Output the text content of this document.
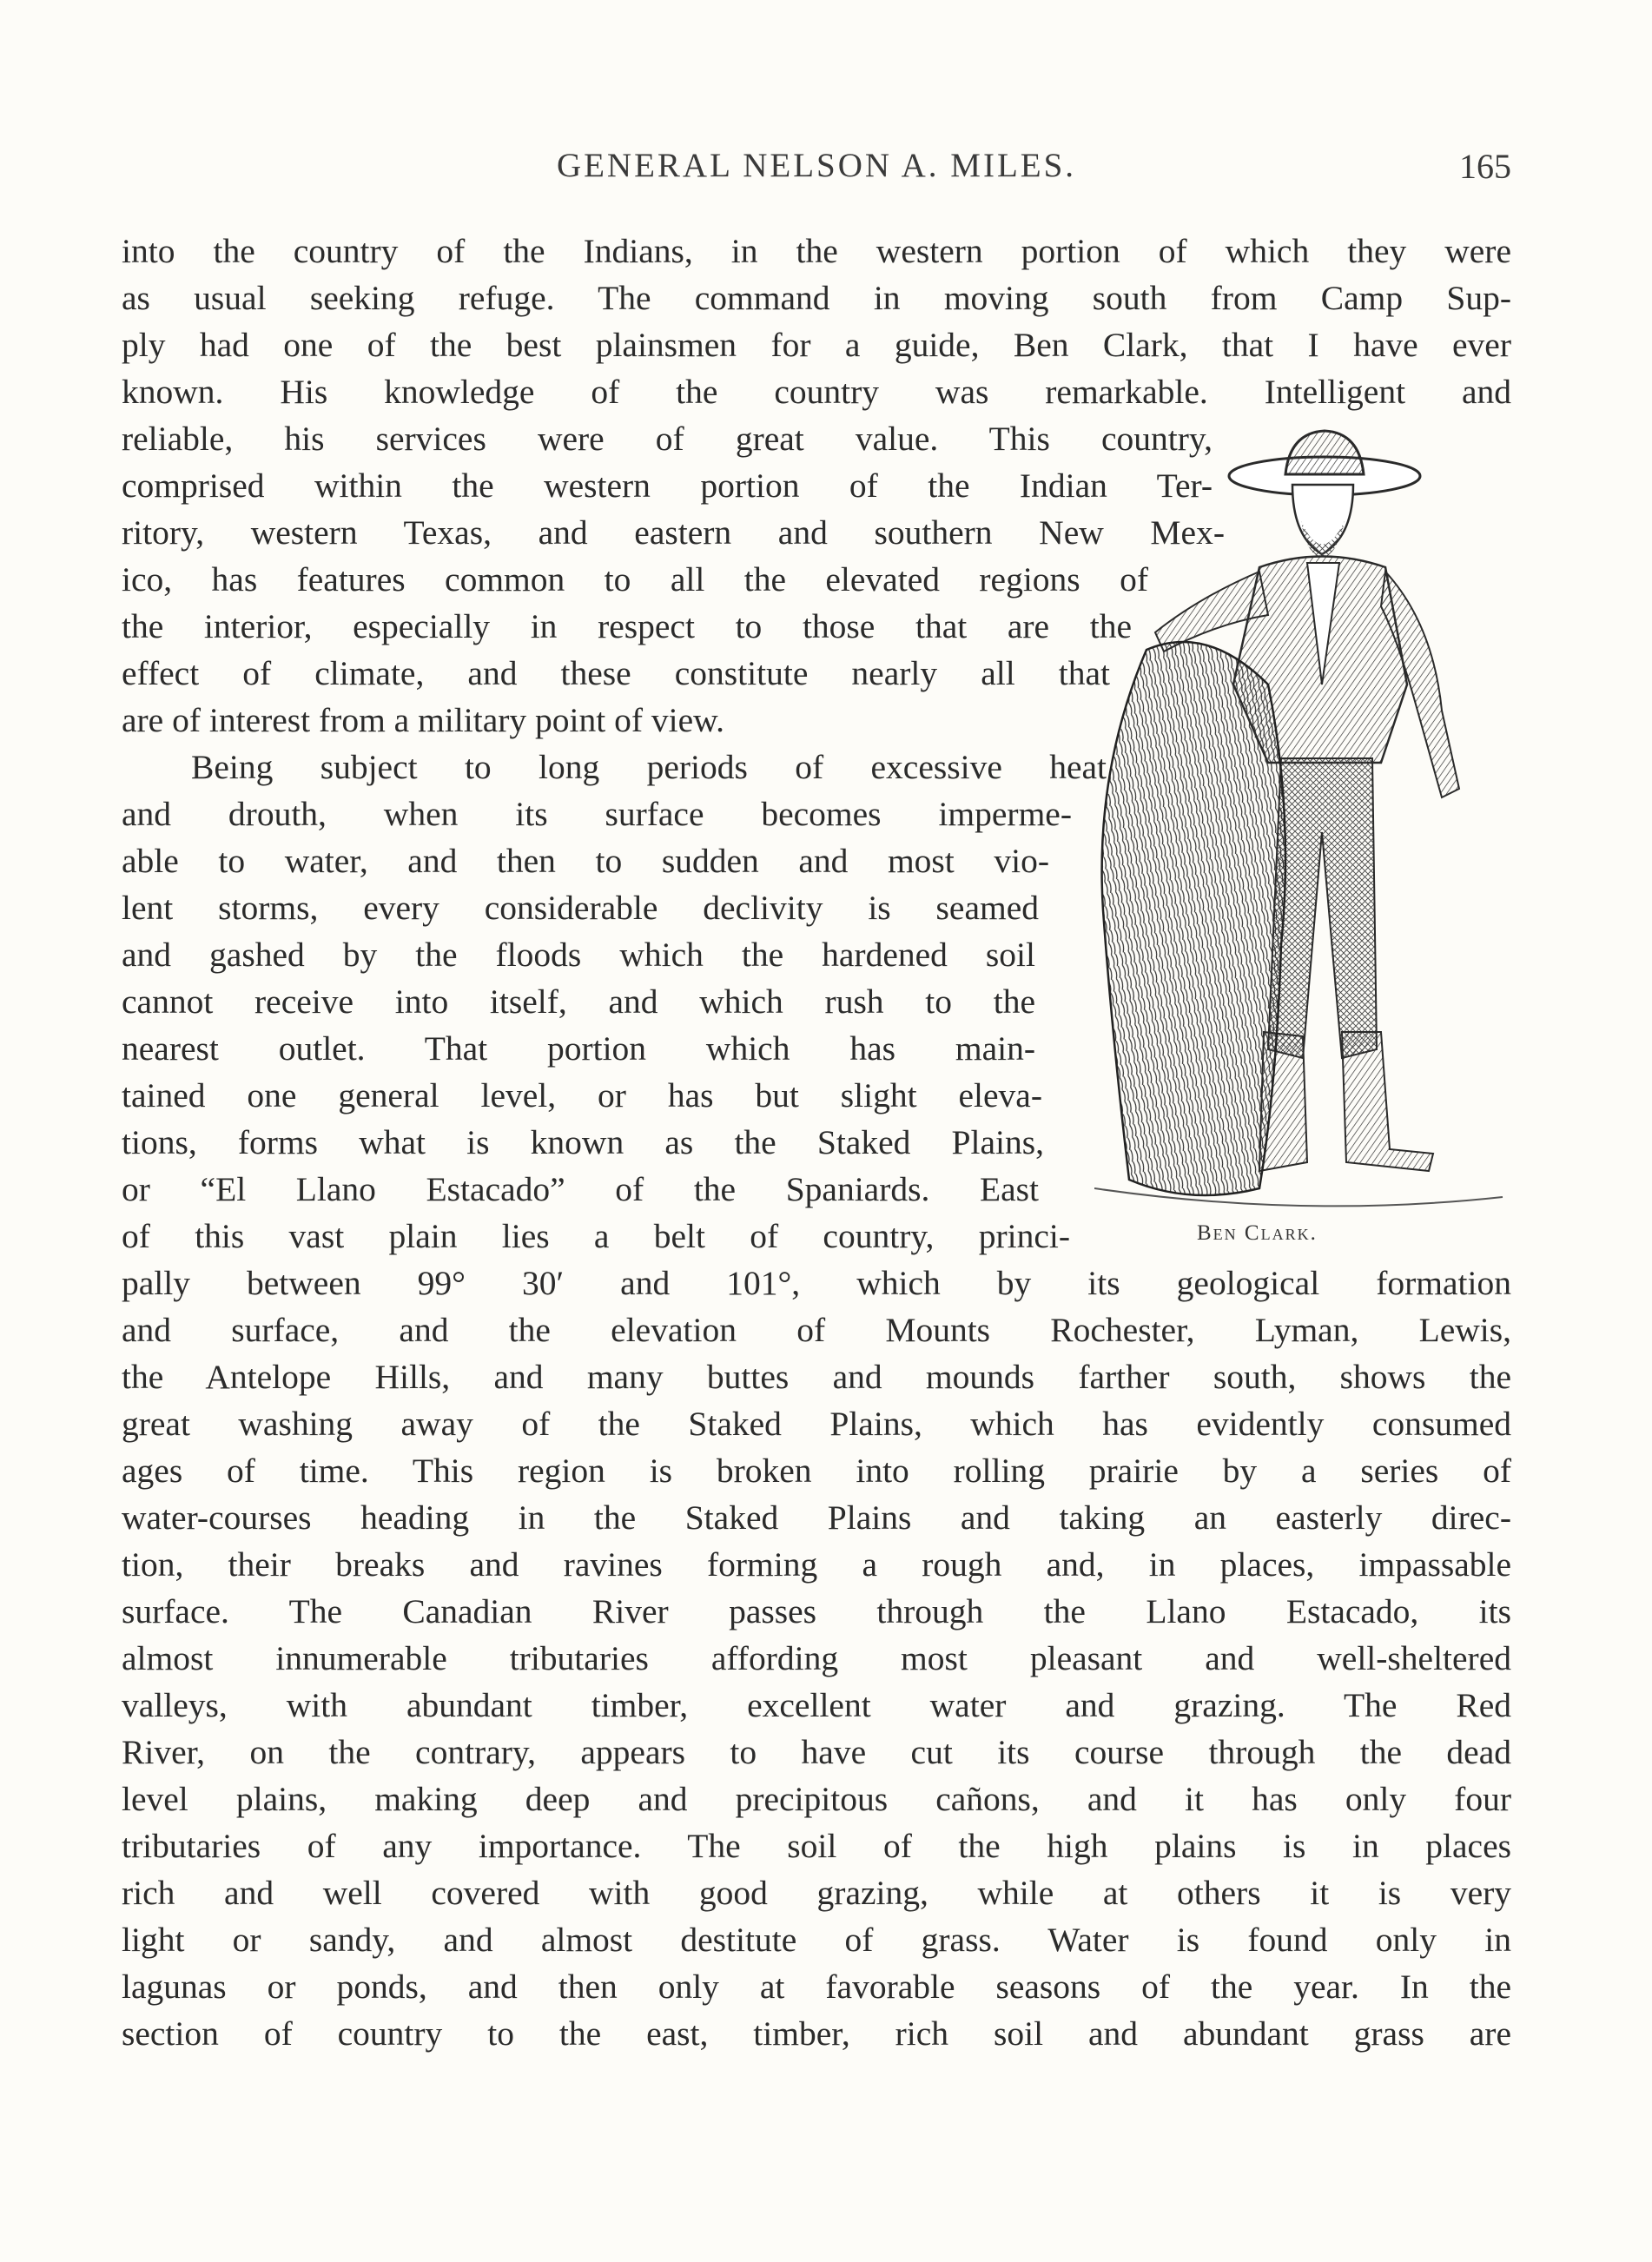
GENERAL NELSON A. MILES.	165
into the country of the Indians, in the western portion of which they were
as usual seeking refuge. The command in moving south from Camp Sup-
ply had one of the best plainsmen for a guide, Ben Clark, that I have ever
known. His knowledge of the country was remarkable. Intelligent and
reliable, his services were of great value. This country,
comprised within the western portion of the Indian Ter-
ritory, western Texas, and eastern and southern New Mex-
ico, has features common to all the elevated regions of
the interior, especially in respect to those that are the
effect of climate, and these constitute nearly all that
are of interest from a military point of view.
Being subject to long periods of excessive heat
and drouth, when its surface becomes imperme-
able to water, and then to sudden and most vio-
lent storms, every considerable declivity is seamed
and gashed by the floods which the hardened soil
cannot receive into itself, and which rush to the
nearest outlet. That portion which has main-
tained one general level, or has but slight eleva-
tions, forms what is known as the Staked Plains,
or “El Llano Estacado” of the Spaniards. East
of this vast plain lies a belt of country, princi-
pally between 99° 30′ and 101°, which by its geological formation
and surface, and the elevation of Mounts Rochester, Lyman, Lewis,
the Antelope Hills, and many buttes and mounds farther south, shows the
great washing away of the Staked Plains, which has evidently consumed
ages of time. This region is broken into rolling prairie by a series of
water-courses heading in the Staked Plains and taking an easterly direc-
tion, their breaks and ravines forming a rough and, in places, impassable
surface. The Canadian River passes through the Llano Estacado, its
almost innumerable tributaries affording most pleasant and well-sheltered
valleys, with abundant timber, excellent water and grazing. The Red
River, on the contrary, appears to have cut its course through the dead
level plains, making deep and precipitous cañons, and it has only four
tributaries of any importance. The soil of the high plains is in places
rich and well covered with good grazing, while at others it is very
light or sandy, and almost destitute of grass. Water is found only in
lagunas or ponds, and then only at favorable seasons of the year. In the
section of country to the east, timber, rich soil and abundant grass are
Ben Clark.
